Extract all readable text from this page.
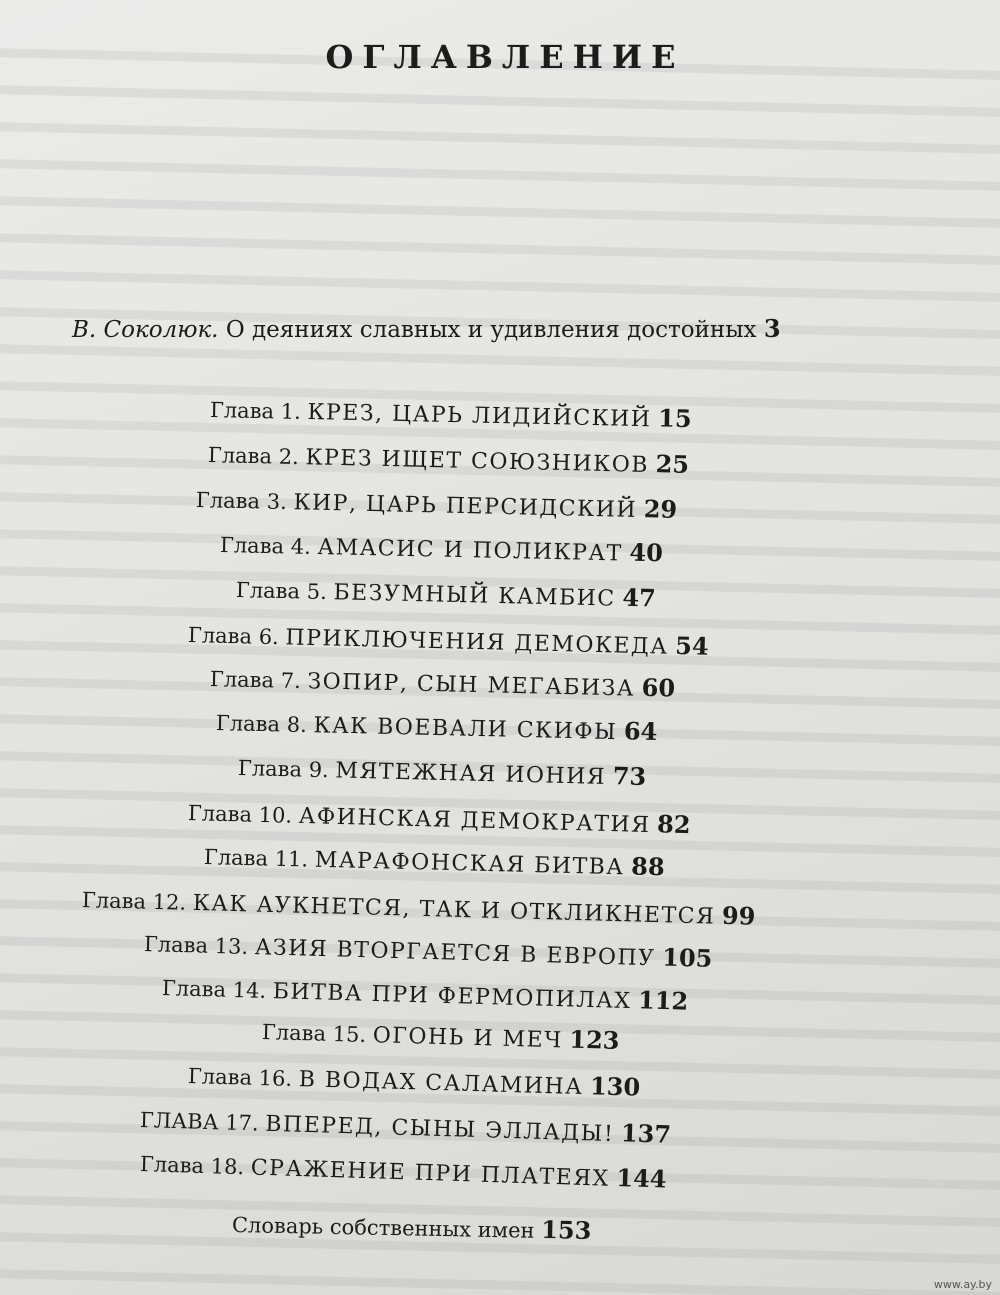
ОГЛАВЛЕНИЕ
В. Соколюк. О деяниях славных и удивления достойных 3
Глава 1. КРЕЗ, ЦАРЬ ЛИДИЙСКИЙ 15
Глава 2. КРЕЗ ИЩЕТ СОЮЗНИКОВ 25
Глава 3. КИР, ЦАРЬ ПЕРСИДСКИЙ 29
Глава 4. АМАСИС И ПОЛИКРАТ 40
Глава 5. БЕЗУМНЫЙ КАМБИС 47
Глава 6. ПРИКЛЮЧЕНИЯ ДЕМОКЕДА 54
Глава 7. ЗОПИР, СЫН МЕГАБИЗА 60
Глава 8. КАК ВОЕВАЛИ СКИФЫ 64
Глава 9. МЯТЕЖНАЯ ИОНИЯ 73
Глава 10. АФИНСКАЯ ДЕМОКРАТИЯ 82
Глава 11. МАРАФОНСКАЯ БИТВА 88
Глава 12. КАК АУКНЕТСЯ, ТАК И ОТКЛИКНЕТСЯ 99
Глава 13. АЗИЯ ВТОРГАЕТСЯ В ЕВРОПУ 105
Глава 14. БИТВА ПРИ ФЕРМОПИЛАХ 112
Глава 15. ОГОНЬ И МЕЧ 123
Глава 16. В ВОДАХ САЛАМИНА 130
ГЛАВА 17. ВПЕРЕД, СЫНЫ ЭЛЛАДЫ! 137
Глава 18. СРАЖЕНИЕ ПРИ ПЛАТЕЯХ 144
Словарь собственных имен 153
www.ay.by
